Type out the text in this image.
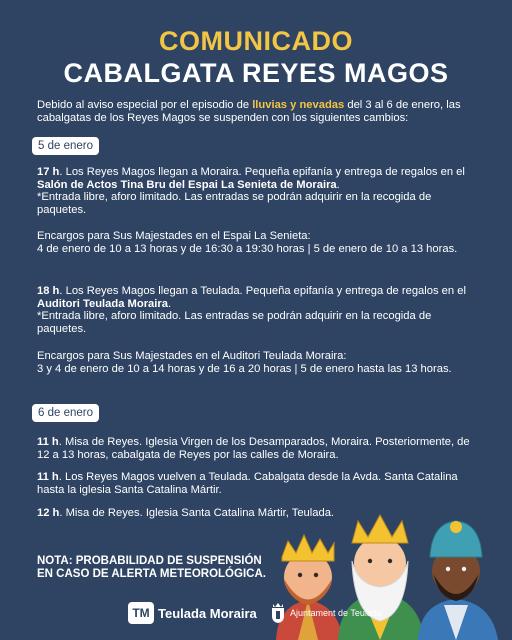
COMUNICADO
CABALGATA REYES MAGOS
Debido al aviso especial por el episodio de lluvias y nevadas del 3 al 6 de enero, las cabalgatas de los Reyes Magos se suspenden con los siguientes cambios:
5 de enero
17 h. Los Reyes Magos llegan a Moraira. Pequeña epifanía y entrega de regalos en el Salón de Actos Tina Bru del Espai La Senieta de Moraira.
*Entrada libre, aforo limitado. Las entradas se podrán adquirir en la recogida de paquetes.
Encargos para Sus Majestades en el Espai La Senieta:
4 de enero de 10 a 13 horas y de 16:30 a 19:30 horas | 5 de enero de 10 a 13 horas.
18 h. Los Reyes Magos llegan a Teulada. Pequeña epifanía y entrega de regalos en el Auditori Teulada Moraira.
*Entrada libre, aforo limitado. Las entradas se podrán adquirir en la recogida de paquetes.
Encargos para Sus Majestades en el Auditori Teulada Moraira:
3 y 4 de enero de 10 a 14 horas y de 16 a 20 horas | 5 de enero hasta las 13 horas.
6 de enero
11 h. Misa de Reyes. Iglesia Virgen de los Desamparados, Moraira. Posteriormente, de 12 a 13 horas, cabalgata de Reyes por las calles de Moraira.
11 h. Los Reyes Magos vuelven a Teulada. Cabalgata desde la Avda. Santa Catalina hasta la iglesia Santa Catalina Mártir.
12 h. Misa de Reyes. Iglesia Santa Catalina Mártir, Teulada.
NOTA: PROBABILIDAD DE SUSPENSIÓN EN CASO DE ALERTA METEOROLÓGICA.
TM Teulada Moraira	Ajuntament de Teulada
